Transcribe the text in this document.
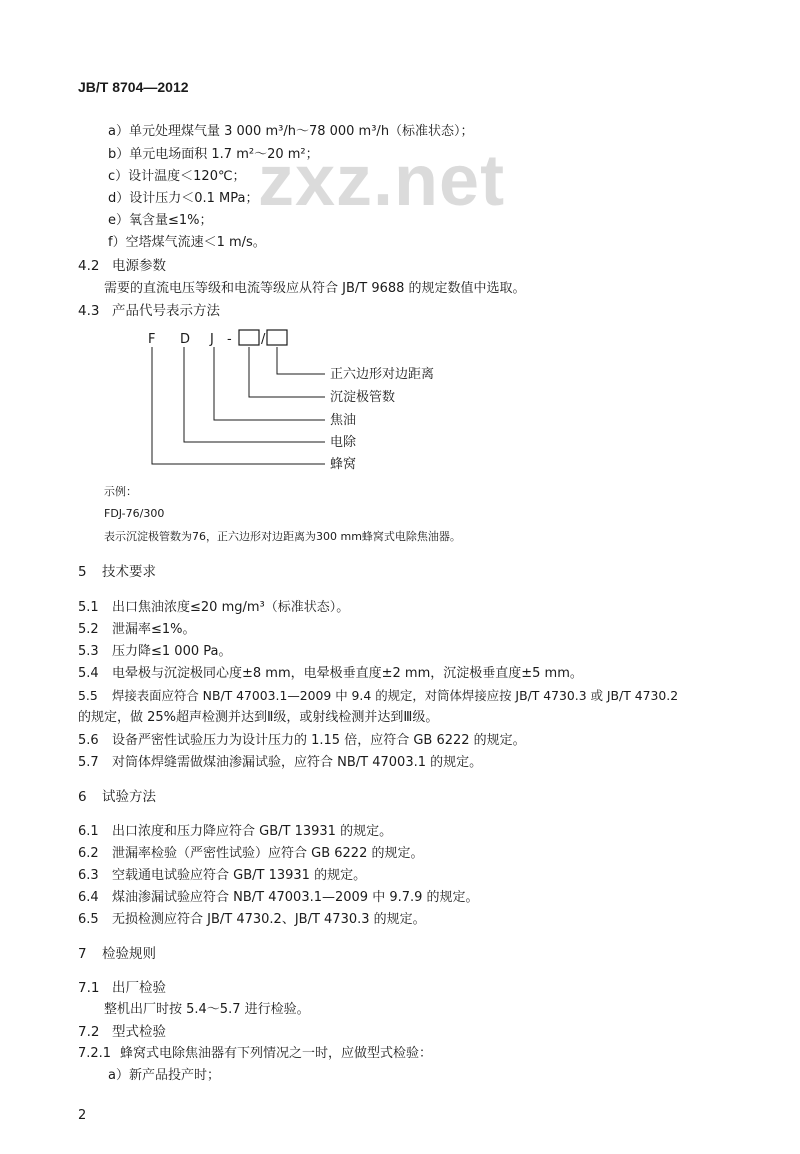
zxz.net
JB/T 8704—2012
a）单元处理煤气量 3 000 m³/h～78 000 m³/h（标准状态）；
b）单元电场面积 1.7 m²～20 m²；
c）设计温度＜120℃；
d）设计压力＜0.1 MPa；
e）氧含量≤1%；
f）空塔煤气流速＜1 m/s。
4.2 电源参数
需要的直流电压等级和电流等级应从符合 JB/T 9688 的规定数值中选取。
4.3 产品代号表示方法
F D J - /
正六边形对边距离
沉淀极管数
焦油
电除
蜂窝
示例：
FDJ-76/300
表示沉淀极管数为76，正六边形对边距离为300 mm蜂窝式电除焦油器。
5 技术要求
5.1 出口焦油浓度≤20 mg/m³（标准状态）。
5.2 泄漏率≤1%。
5.3 压力降≤1 000 Pa。
5.4 电晕极与沉淀极同心度±8 mm，电晕极垂直度±2 mm，沉淀极垂直度±5 mm。
5.5 焊接表面应符合 NB/T 47003.1—2009 中 9.4 的规定，对筒体焊接应按 JB/T 4730.3 或 JB/T 4730.2
的规定，做 25%超声检测并达到Ⅱ级，或射线检测并达到Ⅲ级。
5.6 设备严密性试验压力为设计压力的 1.15 倍，应符合 GB 6222 的规定。
5.7 对筒体焊缝需做煤油渗漏试验，应符合 NB/T 47003.1 的规定。
6 试验方法
6.1 出口浓度和压力降应符合 GB/T 13931 的规定。
6.2 泄漏率检验（严密性试验）应符合 GB 6222 的规定。
6.3 空载通电试验应符合 GB/T 13931 的规定。
6.4 煤油渗漏试验应符合 NB/T 47003.1—2009 中 9.7.9 的规定。
6.5 无损检测应符合 JB/T 4730.2、JB/T 4730.3 的规定。
7 检验规则
7.1 出厂检验
整机出厂时按 5.4～5.7 进行检验。
7.2 型式检验
7.2.1 蜂窝式电除焦油器有下列情况之一时，应做型式检验：
a）新产品投产时；
2
